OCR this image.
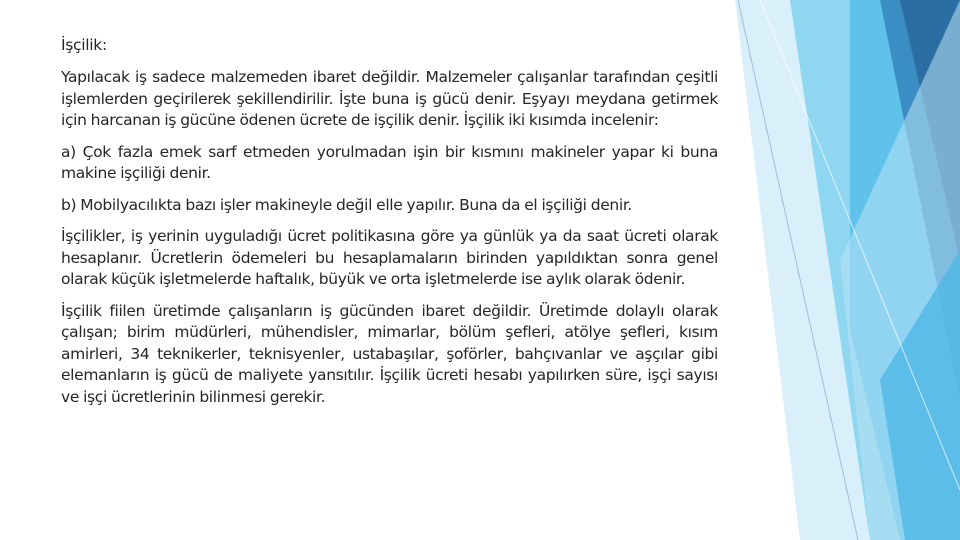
İşçilik:

Yapılacak iş sadece malzemeden ibaret değildir. Malzemeler çalışanlar tarafından çeşitli işlemlerden geçirilerek şekillendirilir. İşte buna iş gücü denir. Eşyayı meydana getirmek için harcanan iş gücüne ödenen ücrete de işçilik denir. İşçilik iki kısımda incelenir:

a) Çok fazla emek sarf etmeden yorulmadan işin bir kısmını makineler yapar ki buna makine işçiliği denir.

b) Mobilyacılıkta bazı işler makineyle değil elle yapılır. Buna da el işçiliği denir.

İşçilikler, iş yerinin uyguladığı ücret politikasına göre ya günlük ya da saat ücreti olarak hesaplanır. Ücretlerin ödemeleri bu hesaplamaların birinden yapıldıktan sonra genel olarak küçük işletmelerde haftalık, büyük ve orta işletmelerde ise aylık olarak ödenir.

İşçilik fiilen üretimde çalışanların iş gücünden ibaret değildir. Üretimde dolaylı olarak çalışan; birim müdürleri, mühendisler, mimarlar, bölüm şefleri, atölye şefleri, kısım amirleri, 34 teknikerler, teknisyenler, ustabaşılar, şoförler, bahçıvanlar ve aşçılar gibi elemanların iş gücü de maliyete yansıtılır. İşçilik ücreti hesabı yapılırken süre, işçi sayısı ve işçi ücretlerinin bilinmesi gerekir.
